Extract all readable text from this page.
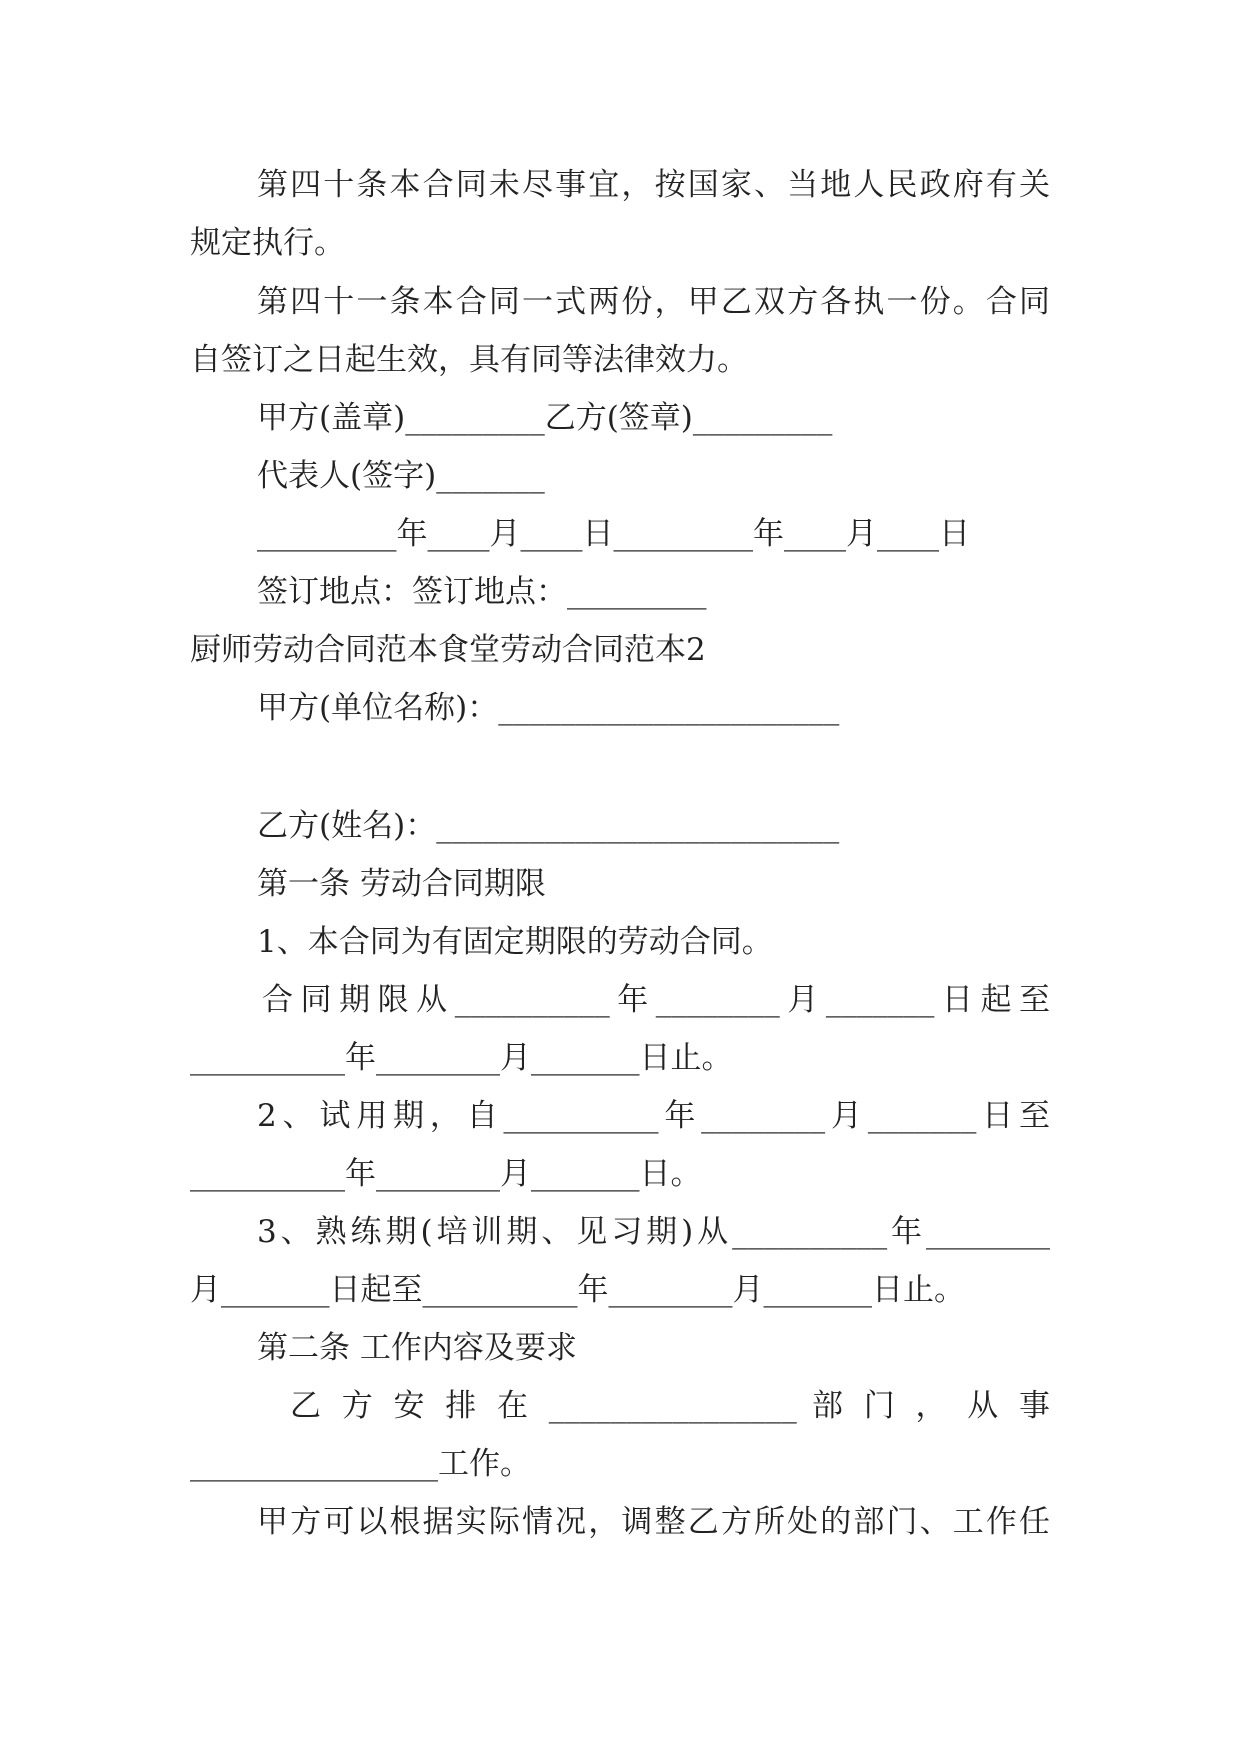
第四十条本合同未尽事宜，按国家、当地人民政府有关
规定执行。
第四十一条本合同一式两份，甲乙双方各执一份。合同
自签订之日起生效，具有同等法律效力。
甲方(盖章)_________乙方(签章)_________
代表人(签字)_______
_________年____月____日_________年____月____日
签订地点：签订地点：_________
厨师劳动合同范本食堂劳动合同范本2
甲方(单位名称)：______________________
乙方(姓名)：__________________________
第一条 劳动合同期限
1、本合同为有固定期限的劳动合同。
合同期限从__________年________月_______日起至
__________年________月_______日止。
2、试用期，自__________年________月_______日至
__________年________月_______日。
3、熟练期(培训期、见习期)从__________年________
月_______日起至__________年________月_______日止。
第二条 工作内容及要求
乙 方 安 排 在 ________________ 部 门 ， 从 事
________________工作。
甲方可以根据实际情况，调整乙方所处的部门、工作任
